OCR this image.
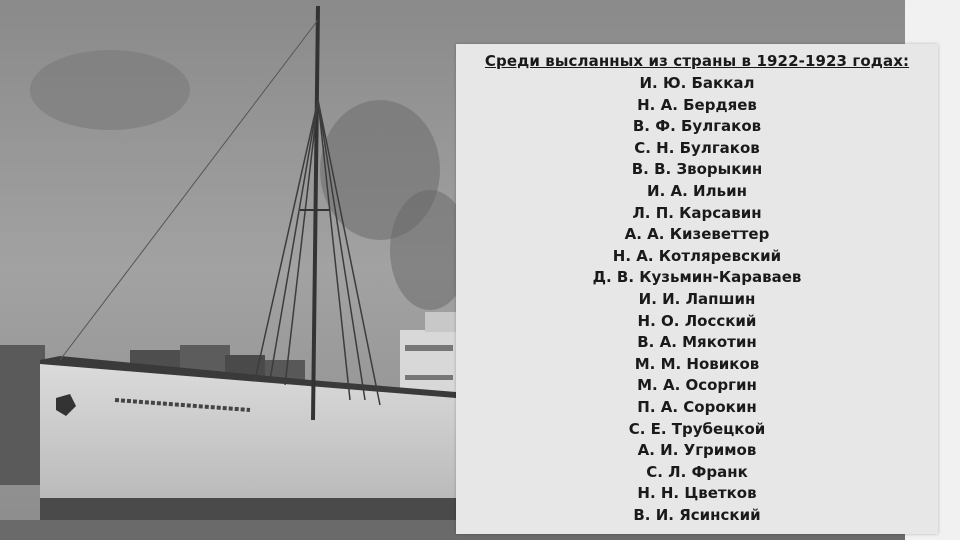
Среди высланных из страны в 1922-1923 годах:
И. Ю. Баккал
Н. А. Бердяев
В. Ф. Булгаков
С. Н. Булгаков
В. В. Зворыкин
И. А. Ильин
Л. П. Карсавин
А. А. Кизеветтер
Н. А. Котляревский
Д. В. Кузьмин-Караваев
И. И. Лапшин
Н. О. Лосский
В. А. Мякотин
М. М. Новиков
М. А. Осоргин
П. А. Сорокин
С. Е. Трубецкой
А. И. Угримов
С. Л. Франк
Н. Н. Цветков
В. И. Ясинский
